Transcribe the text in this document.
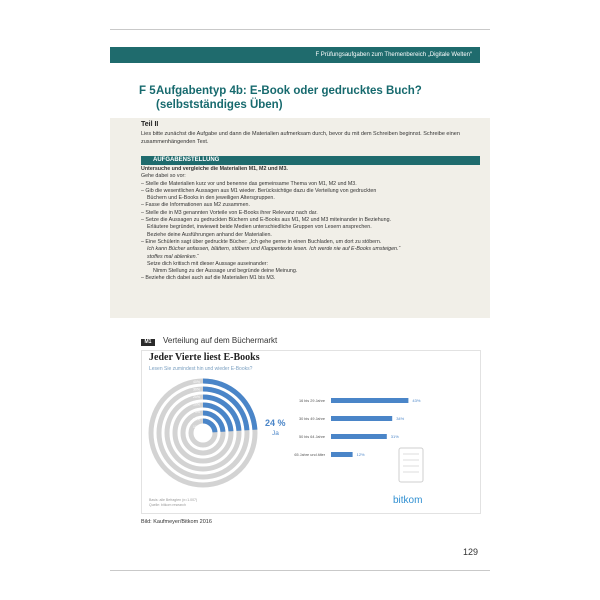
F Prüfungsaufgaben zum Themenbereich „Digitale Welten“
F 5 Aufgabentyp 4b: E-Book oder gedrucktes Buch?
(selbstständiges Üben)
Teil II
Lies bitte zunächst die Aufgabe und dann die Materialien aufmerksam durch, bevor du mit dem Schreiben beginnst. Schreibe einen zusammenhängenden Text.
AUFGABENSTELLUNG
Untersuche und vergleiche die Materialien M1, M2 und M3.
Gehe dabei so vor:
– Stelle die Materialien kurz vor und benenne das gemeinsame Thema von M1, M2 und M3.
– Gib die wesentlichen Aussagen aus M1 wieder. Berücksichtige dazu die Verteilung von gedruckten
Büchern und E-Books in den jeweiligen Altersgruppen.
– Fasse die Informationen aus M2 zusammen.
– Stelle die in M3 genannten Vorteile von E-Books ihrer Relevanz nach dar.
– Setze die Aussagen zu gedruckten Büchern und E-Books aus M1, M2 und M3 miteinander in Beziehung.
Erläutere begründet, inwieweit beide Medien unterschiedliche Gruppen von Lesern ansprechen.
Beziehe deine Ausführungen anhand der Materialien.
– Eine Schülerin sagt über gedruckte Bücher: „Ich gehe gerne in einen Buchladen, um dort zu stöbern.
Ich kann Bücher anfassen, blättern, stöbern und Klappentexte lesen. Ich werde nie auf E-Books umsteigen.“
stoffes mal ablenken.“
Setze dich kritisch mit dieser Aussage auseinander:
Nimm Stellung zu der Aussage und begründe deine Meinung.
– Beziehe dich dabei auch auf die Materialien M1 bis M3.
M1	Verteilung auf dem Büchermarkt
Jeder Vierte liest E-Books
Lesen Sie zumindest hin und wieder E-Books?
40%
30%
20%
10%
0%
20%
10%
16 bis 29 Jahre	43%
30 bis 49 Jahre	34%
50 bis 64 Jahre	31%
65 Jahre und älter	12%
24 %
Ja
Basis: alle Befragten (n=1.007)
Quelle: bitkom research	bitkom
Bild: Kaufmeyer/Bitkom 2016
129
